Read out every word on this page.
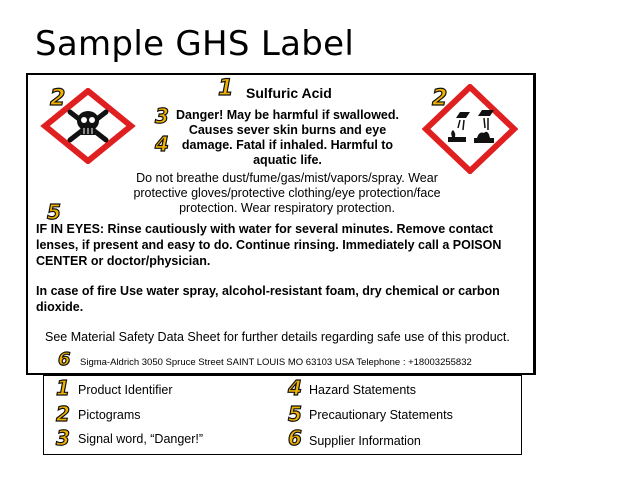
Sample GHS Label
2	1	2
3
4
5
6
Sulfuric Acid
Danger! May be harmful if swallowed.
Causes sever skin burns and eye
damage. Fatal if inhaled. Harmful to
aquatic life.
Do not breathe dust/fume/gas/mist/vapors/spray. Wear
protective gloves/protective clothing/eye protection/face
protection. Wear respiratory protection.
IF IN EYES: Rinse cautiously with water for several minutes. Remove contact
lenses, if present and easy to do. Continue rinsing. Immediately call a POISON
CENTER or doctor/physician.
In case of fire Use water spray, alcohol-resistant foam, dry chemical or carbon
dioxide.
See Material Safety Data Sheet for further details regarding safe use of this product.
Sigma-Aldrich 3050 Spruce Street SAINT LOUIS MO 63103 USA Telephone : +18003255832
1 Product Identifier
2 Pictograms
3 Signal word, “Danger!”
4 Hazard Statements
5 Precautionary Statements
6 Supplier Information
